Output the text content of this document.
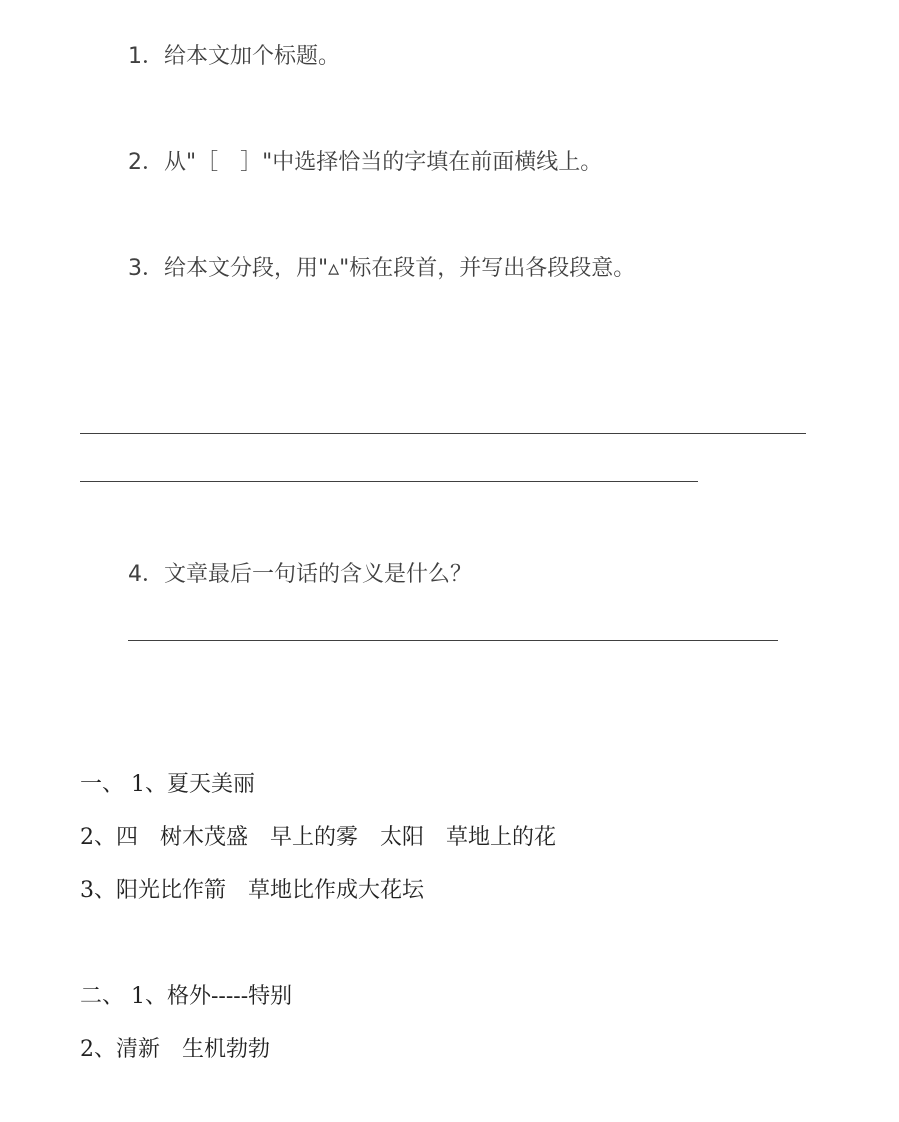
1．给本文加个标题。
2．从"［　］"中选择恰当的字填在前面横线上。
3．给本文分段，用"▵"标在段首，并写出各段段意。
4．文章最后一句话的含义是什么？
一、 1、夏天美丽
2、四　树木茂盛　早上的雾　太阳　草地上的花
3、阳光比作箭　草地比作成大花坛
二、 1、格外-----特别
2、清新　生机勃勃
